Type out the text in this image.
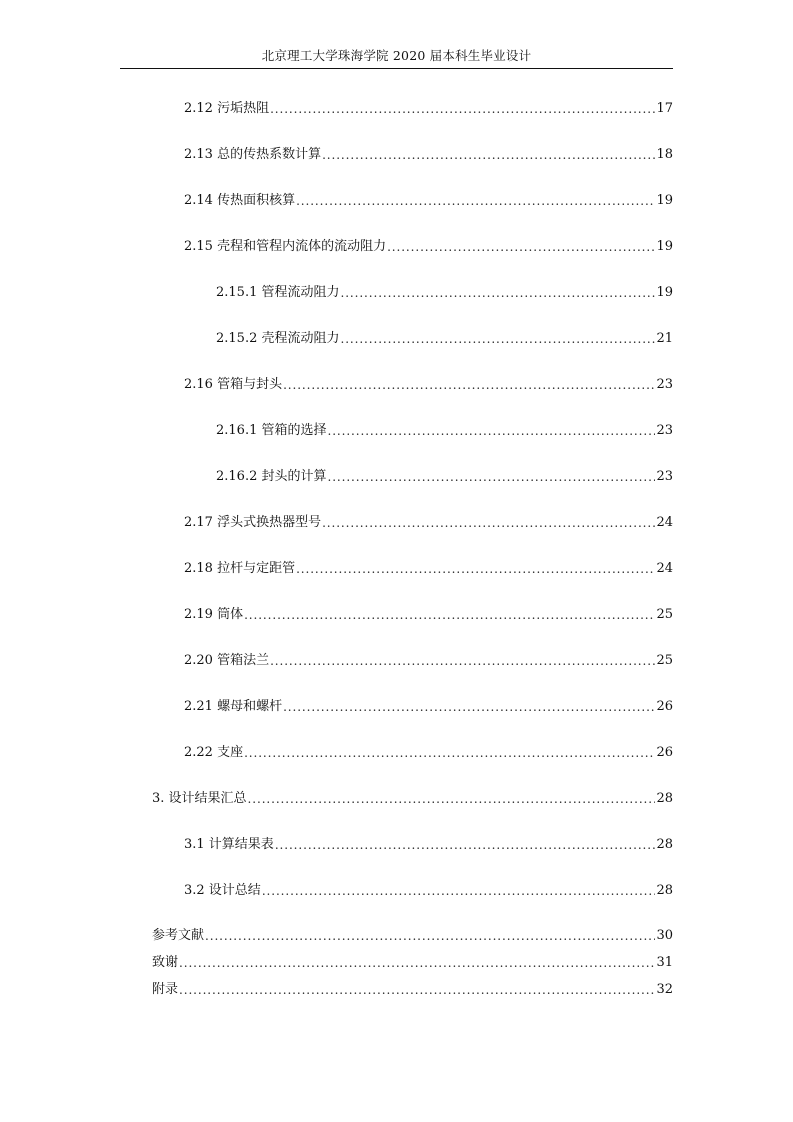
北京理工大学珠海学院 2020 届本科生毕业设计
2.12 污垢热阻 .....	17
2.13 总的传热系数计算 .....	18
2.14 传热面积核算 .....	19
2.15 壳程和管程内流体的流动阻力 .....	19
2.15.1 管程流动阻力 .....	19
2.15.2 壳程流动阻力 .....	21
2.16 管箱与封头 .....	23
2.16.1 管箱的选择 .....	23
2.16.2 封头的计算 .....	23
2.17 浮头式换热器型号 .....	24
2.18 拉杆与定距管 .....	24
2.19 筒体 .....	25
2.20 管箱法兰 .....	25
2.21 螺母和螺杆 .....	26
2.22 支座 .....	26
3. 设计结果汇总 .....	28
3.1 计算结果表 .....	28
3.2 设计总结 .....	28
参考文献 .....	30
致谢 .....	31
附录 .....	32
